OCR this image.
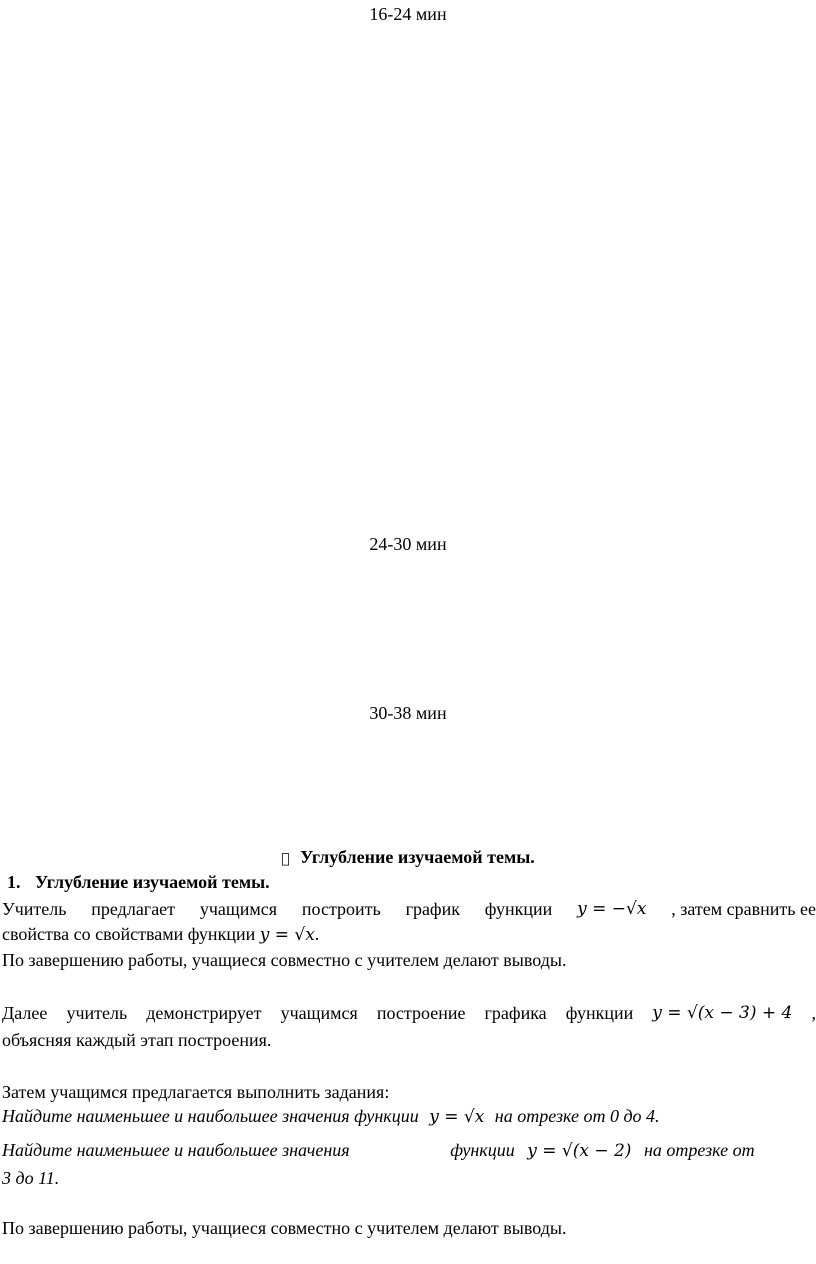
16-24 мин
24-30 мин
30-38 мин
Углубление изучаемой темы.
1. Углубление изучаемой темы.
Учитель предлагает учащимся построить график функции y = −√x , затем сравнить ее
свойства со свойствами функции y = √x.
По завершению работы, учащиеся совместно с учителем делают выводы.
Далее учитель демонстрирует учащимся построение графика функции y = √(x − 3) + 4 ,
объясняя каждый этап построения.
Затем учащимся предлагается выполнить задания:
Найдите наименьшее и наибольшее значения функции y = √x на отрезке от 0 до 4.
Найдите наименьшее и наибольшее значения	функции y = √(x − 2) на отрезке от
3 до 11.
По завершению работы, учащиеся совместно с учителем делают выводы.
